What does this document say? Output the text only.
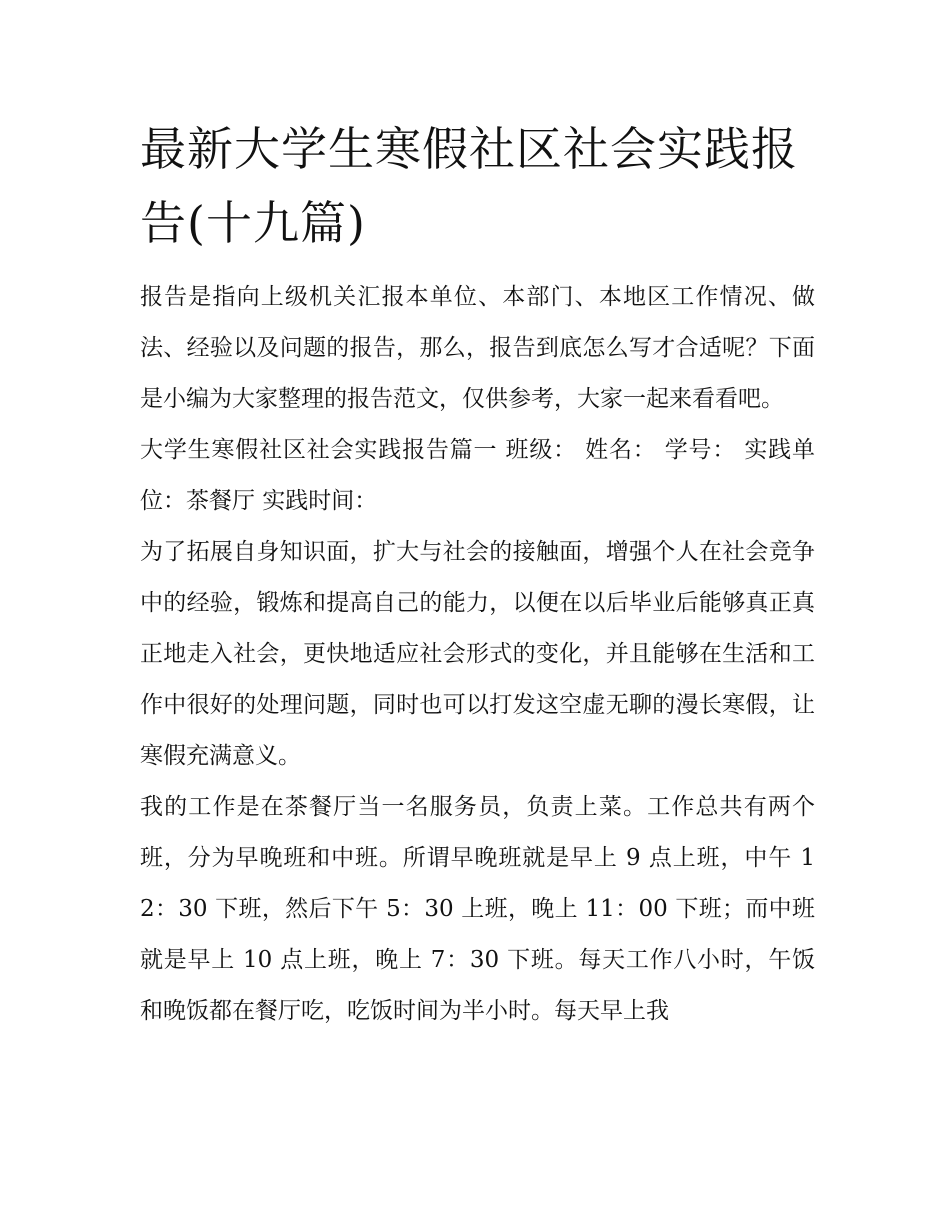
最新大学生寒假社区社会实践报告(十九篇)

报告是指向上级机关汇报本单位、本部门、本地区工作情况、做法、经验以及问题的报告，那么，报告到底怎么写才合适呢？下面是小编为大家整理的报告范文，仅供参考，大家一起来看看吧。

大学生寒假社区社会实践报告篇一 班级： 姓名： 学号： 实践单位：茶餐厅 实践时间：

为了拓展自身知识面，扩大与社会的接触面，增强个人在社会竞争中的经验，锻炼和提高自己的能力，以便在以后毕业后能够真正真正地走入社会，更快地适应社会形式的变化，并且能够在生活和工作中很好的处理问题，同时也可以打发这空虚无聊的漫长寒假，让寒假充满意义。

我的工作是在茶餐厅当一名服务员，负责上菜。工作总共有两个班，分为早晚班和中班。所谓早晚班就是早上 9 点上班，中午 12：30 下班，然后下午 5：30 上班，晚上 11：00 下班；而中班就是早上 10 点上班，晚上 7：30 下班。每天工作八小时，午饭和晚饭都在餐厅吃，吃饭时间为半小时。每天早上我
